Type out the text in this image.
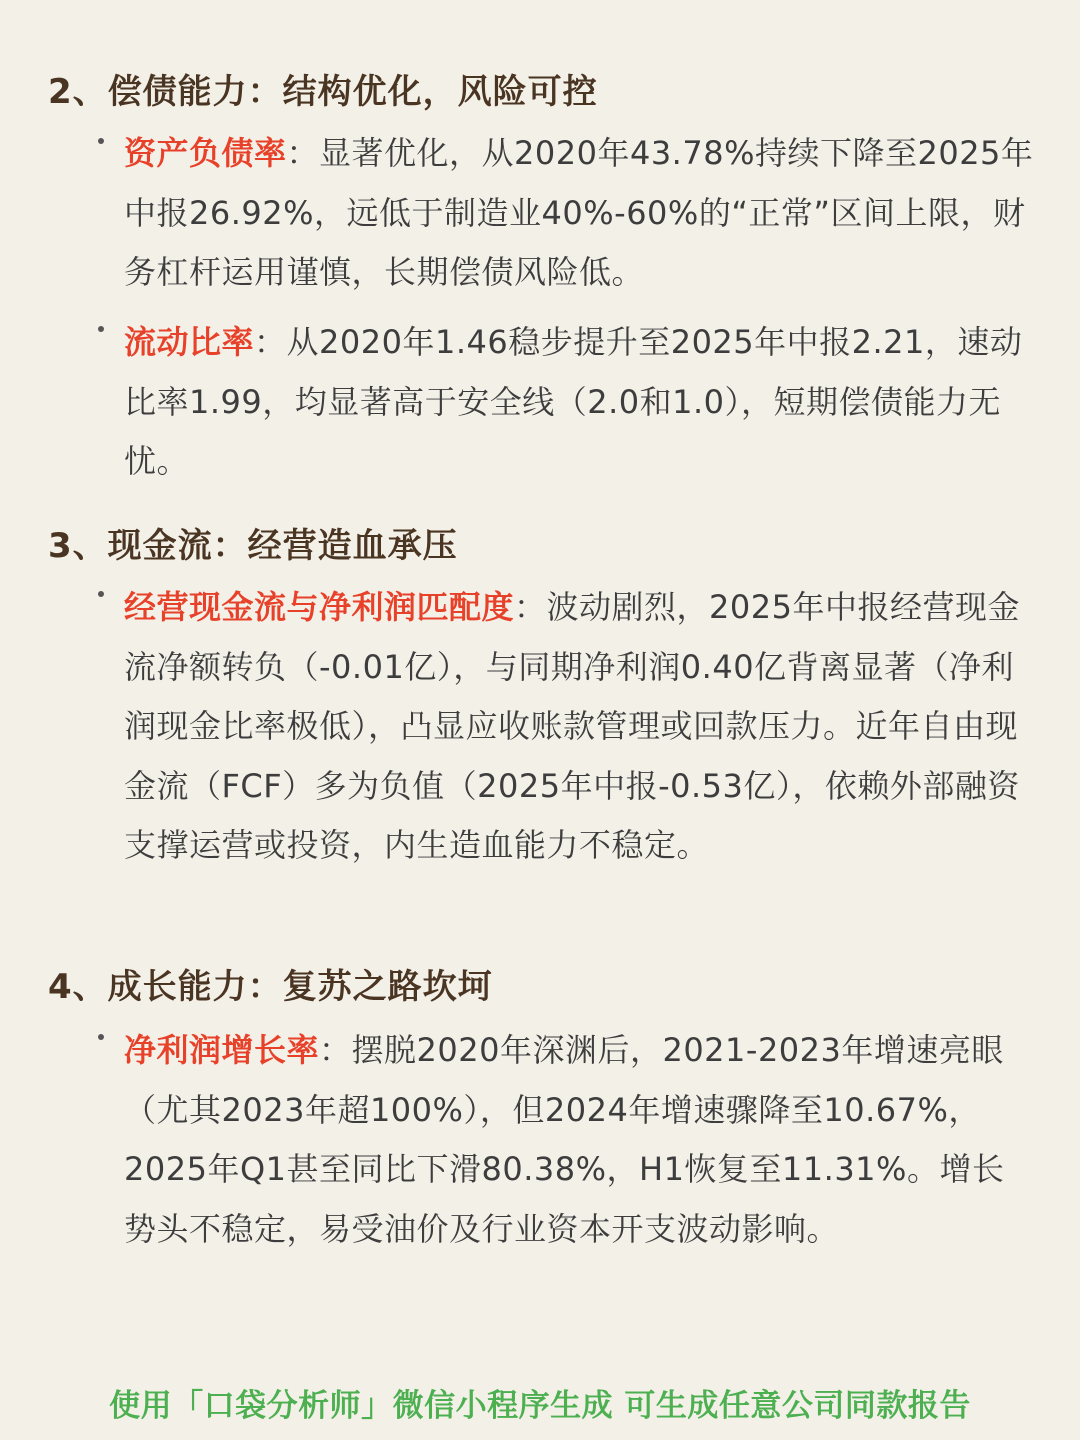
2、偿债能力：结构优化，风险可控
资产负债率：显著优化，从2020年43.78%持续下降至2025年中报26.92%，远低于制造业40%-60%的“正常”区间上限，财务杠杆运用谨慎，长期偿债风险低。
流动比率：从2020年1.46稳步提升至2025年中报2.21，速动比率1.99，均显著高于安全线（2.0和1.0），短期偿债能力无忧。
3、现金流：经营造血承压
经营现金流与净利润匹配度：波动剧烈，2025年中报经营现金流净额转负（-0.01亿），与同期净利润0.40亿背离显著（净利润现金比率极低），凸显应收账款管理或回款压力。近年自由现金流（FCF）多为负值（2025年中报-0.53亿），依赖外部融资支撑运营或投资，内生造血能力不稳定。
4、成长能力：复苏之路坎坷
净利润增长率：摆脱2020年深渊后，2021-2023年增速亮眼（尤其2023年超100%），但2024年增速骤降至10.67%，2025年Q1甚至同比下滑80.38%，H1恢复至11.31%。增长势头不稳定，易受油价及行业资本开支波动影响。
使用「口袋分析师」微信小程序生成 可生成任意公司同款报告
